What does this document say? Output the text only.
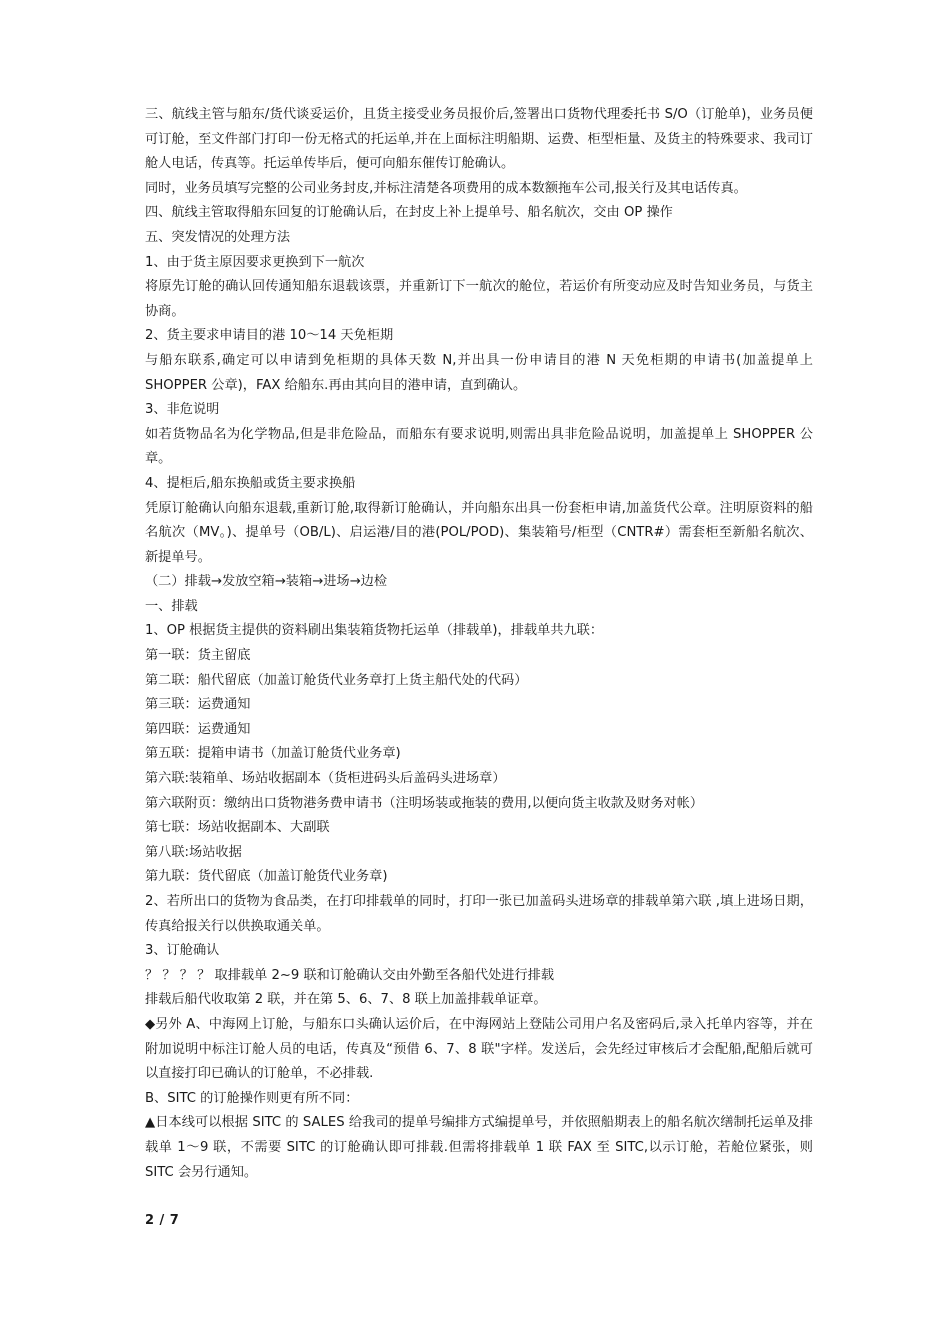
三、航线主管与船东/货代谈妥运价，且货主接受业务员报价后,签署出口货物代理委托书 S/O（订舱单)，业务员便可订舱，至文件部门打印一份无格式的托运单,并在上面标注明船期、运费、柜型柜量、及货主的特殊要求、我司订舱人电话，传真等。托运单传毕后，便可向船东催传订舱确认。

同时，业务员填写完整的公司业务封皮,并标注清楚各项费用的成本数额拖车公司,报关行及其电话传真。

四、航线主管取得船东回复的订舱确认后，在封皮上补上提单号、船名航次，交由 OP 操作

五、突发情况的处理方法

1、由于货主原因要求更换到下一航次

将原先订舱的确认回传通知船东退载该票，并重新订下一航次的舱位，若运价有所变动应及时告知业务员，与货主协商。

2、货主要求申请目的港 10～14 天免柜期

与船东联系,确定可以申请到免柜期的具体天数 N,并出具一份申请目的港 N 天免柜期的申请书(加盖提单上 SHOPPER 公章)，FAX 给船东.再由其向目的港申请，直到确认。

3、非危说明

如若货物品名为化学物品,但是非危险品，而船东有要求说明,则需出具非危险品说明，加盖提单上 SHOPPER 公章。

4、提柜后,船东换船或货主要求换船

凭原订舱确认向船东退载,重新订舱,取得新订舱确认，并向船东出具一份套柜申请,加盖货代公章。注明原资料的船名航次（MV。)、提单号（OB/L)、启运港/目的港(POL/POD)、集装箱号/柜型（CNTR#）需套柜至新船名航次、新提单号。

（二）排载→发放空箱→装箱→进场→边检

一、排载

1、OP 根据货主提供的资料刷出集装箱货物托运单（排载单)，排载单共九联：

第一联：货主留底

第二联：船代留底（加盖订舱货代业务章打上货主船代处的代码）

第三联：运费通知

第四联：运费通知

第五联：提箱申请书（加盖订舱货代业务章)

第六联:装箱单、场站收据副本（货柜进码头后盖码头进场章）

第六联附页：缴纳出口货物港务费申请书（注明场装或拖装的费用,以便向货主收款及财务对帐）

第七联：场站收据副本、大副联

第八联:场站收据

第九联：货代留底（加盖订舱货代业务章)

2、若所出口的货物为食品类，在打印排载单的同时，打印一张已加盖码头进场章的排载单第六联 ,填上进场日期，传真给报关行以供换取通关单。

3、订舱确认

？ ？ ？ ？ 取排载单 2~9 联和订舱确认交由外勤至各船代处进行排载

排载后船代收取第 2 联，并在第 5、6、7、8 联上加盖排载单证章。

◆另外 A、中海网上订舱，与船东口头确认运价后，在中海网站上登陆公司用户名及密码后,录入托单内容等，并在附加说明中标注订舱人员的电话，传真及“预借 6、7、8 联"字样。发送后，会先经过审核后才会配船,配船后就可以直接打印已确认的订舱单，不必排载.

B、SITC 的订舱操作则更有所不同：

▲日本线可以根据 SITC 的 SALES 给我司的提单号编排方式编提单号，并依照船期表上的船名航次缮制托运单及排载单 1～9 联，不需要 SITC 的订舱确认即可排载.但需将排载单 1 联 FAX 至 SITC,以示订舱，若舱位紧张，则 SITC 会另行通知。

2 / 7
